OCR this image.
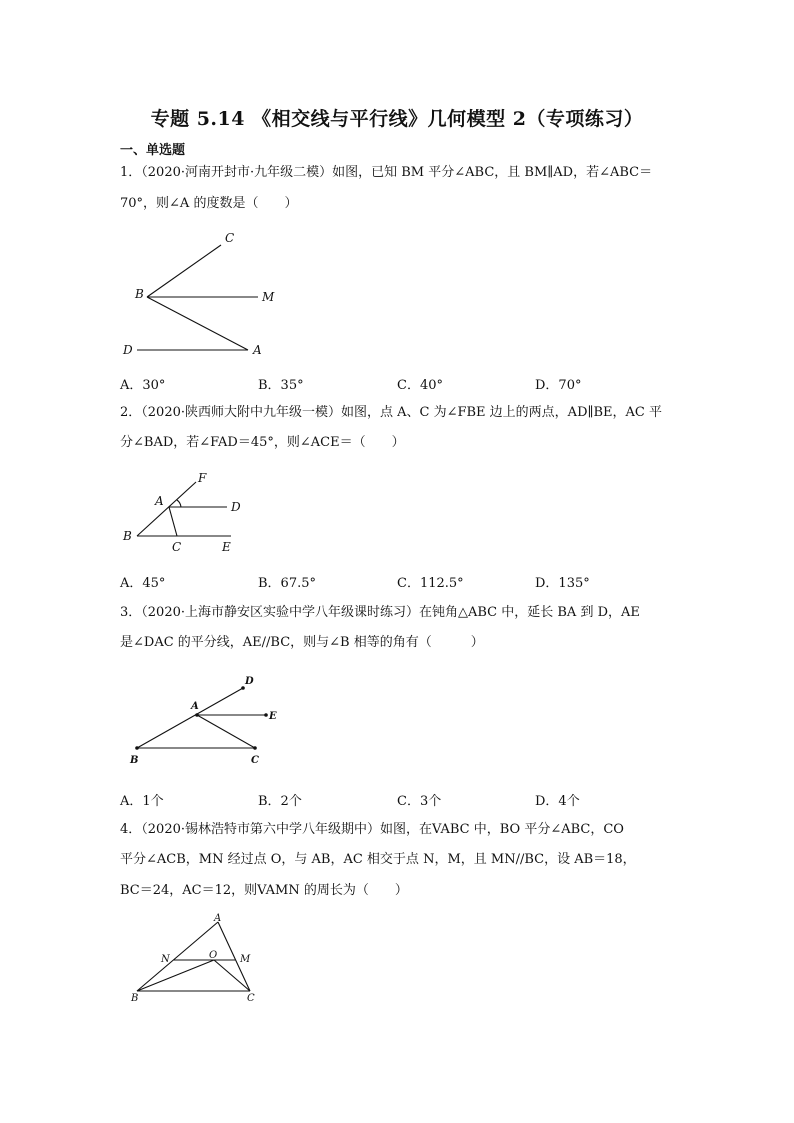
专题 5.14 《相交线与平行线》几何模型 2（专项练习）
一、单选题
1．（2020·河南开封市·九年级二模）如图，已知 BM 平分∠ABC，且 BM∥AD，若∠ABC＝
70°，则∠A 的度数是（　　）
C
B	M
D	A
A．30°	B．35°	C．40°	D．70°
2．（2020·陕西师大附中九年级一模）如图，点 A、C 为∠FBE 边上的两点，AD∥BE，AC 平
分∠BAD，若∠FAD＝45°，则∠ACE＝（　　）
F
A	D
B
C	E
A．45°	B．67.5°	C．112.5°	D．135°
3．（2020·上海市静安区实验中学八年级课时练习）在钝角△ABC 中，延长 BA 到 D，AE
是∠DAC 的平分线，AE//BC，则与∠B 相等的角有（　　　）
D
A
E
B	C
A．1个	B．2个	C．3个	D．4个
4．（2020·锡林浩特市第六中学八年级期中）如图，在VABC 中，BO 平分∠ABC，CO
平分∠ACB，MN 经过点 O，与 AB，AC 相交于点 N，M，且 MN//BC，设 AB＝18，
BC＝24，AC＝12，则VAMN 的周长为（　　）
A
N	O M
B	C
